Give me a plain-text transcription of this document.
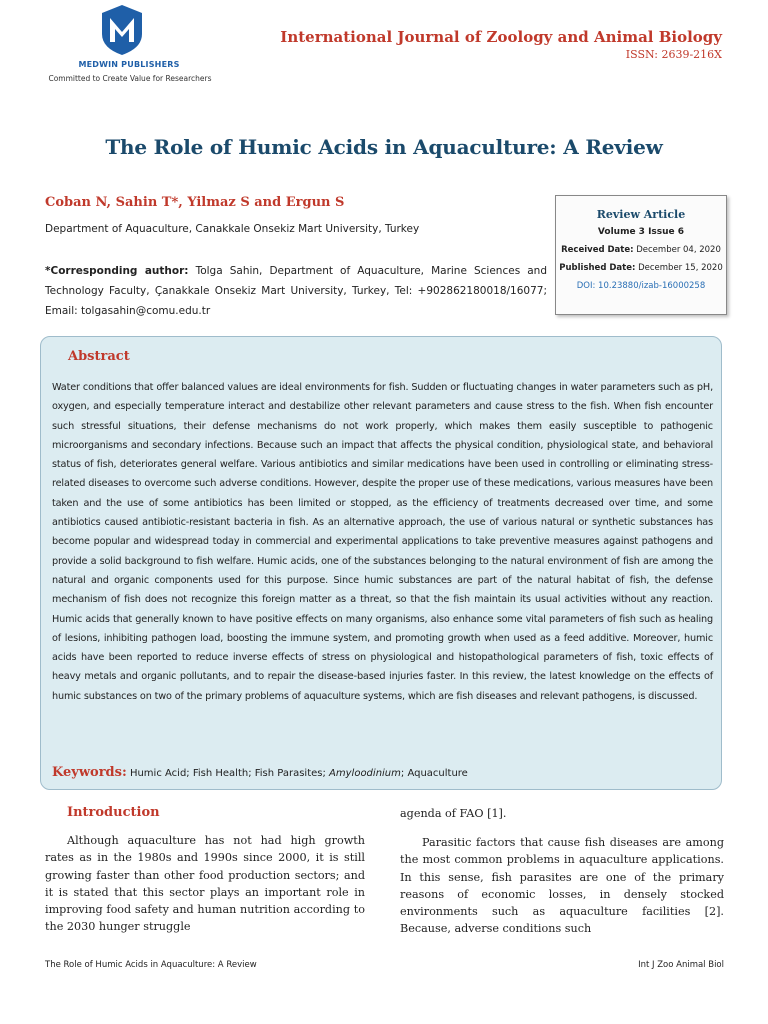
MEDWIN PUBLISHERS
Committed to Create Value for Researchers
International Journal of Zoology and Animal Biology
ISSN: 2639-216X
The Role of Humic Acids in Aquaculture: A Review
Coban N, Sahin T*, Yilmaz S and Ergun S
Department of Aquaculture, Canakkale Onsekiz Mart University, Turkey
*Corresponding author: Tolga Sahin, Department of Aquaculture, Marine Sciences and Technology Faculty, Çanakkale Onsekiz Mart University, Turkey, Tel: +902862180018/16077; Email: tolgasahin@comu.edu.tr
Review Article
Volume 3 Issue 6
Received Date: December 04, 2020
Published Date: December 15, 2020
DOI: 10.23880/izab-16000258
Abstract
Water conditions that offer balanced values are ideal environments for fish. Sudden or fluctuating changes in water parameters such as pH, oxygen, and especially temperature interact and destabilize other relevant parameters and cause stress to the fish. When fish encounter such stressful situations, their defense mechanisms do not work properly, which makes them easily susceptible to pathogenic microorganisms and secondary infections. Because such an impact that affects the physical condition, physiological state, and behavioral status of fish, deteriorates general welfare. Various antibiotics and similar medications have been used in controlling or eliminating stress-related diseases to overcome such adverse conditions. However, despite the proper use of these medications, various measures have been taken and the use of some antibiotics has been limited or stopped, as the efficiency of treatments decreased over time, and some antibiotics caused antibiotic-resistant bacteria in fish. As an alternative approach, the use of various natural or synthetic substances has become popular and widespread today in commercial and experimental applications to take preventive measures against pathogens and provide a solid background to fish welfare. Humic acids, one of the substances belonging to the natural environment of fish are among the natural and organic components used for this purpose. Since humic substances are part of the natural habitat of fish, the defense mechanism of fish does not recognize this foreign matter as a threat, so that the fish maintain its usual activities without any reaction. Humic acids that generally known to have positive effects on many organisms, also enhance some vital parameters of fish such as healing of lesions, inhibiting pathogen load, boosting the immune system, and promoting growth when used as a feed additive. Moreover, humic acids have been reported to reduce inverse effects of stress on physiological and histopathological parameters of fish, toxic effects of heavy metals and organic pollutants, and to repair the disease-based injuries faster. In this review, the latest knowledge on the effects of humic substances on two of the primary problems of aquaculture systems, which are fish diseases and relevant pathogens, is discussed.
Keywords: Humic Acid; Fish Health; Fish Parasites; Amyloodinium; Aquaculture
Introduction
Although aquaculture has not had high growth rates as in the 1980s and 1990s since 2000, it is still growing faster than other food production sectors; and it is stated that this sector plays an important role in improving food safety and human nutrition according to the 2030 hunger struggle
agenda of FAO [1].
Parasitic factors that cause fish diseases are among the most common problems in aquaculture applications. In this sense, fish parasites are one of the primary reasons of economic losses, in densely stocked environments such as aquaculture facilities [2]. Because, adverse conditions such
The Role of Humic Acids in Aquaculture: A Review	Int J Zoo Animal Biol
